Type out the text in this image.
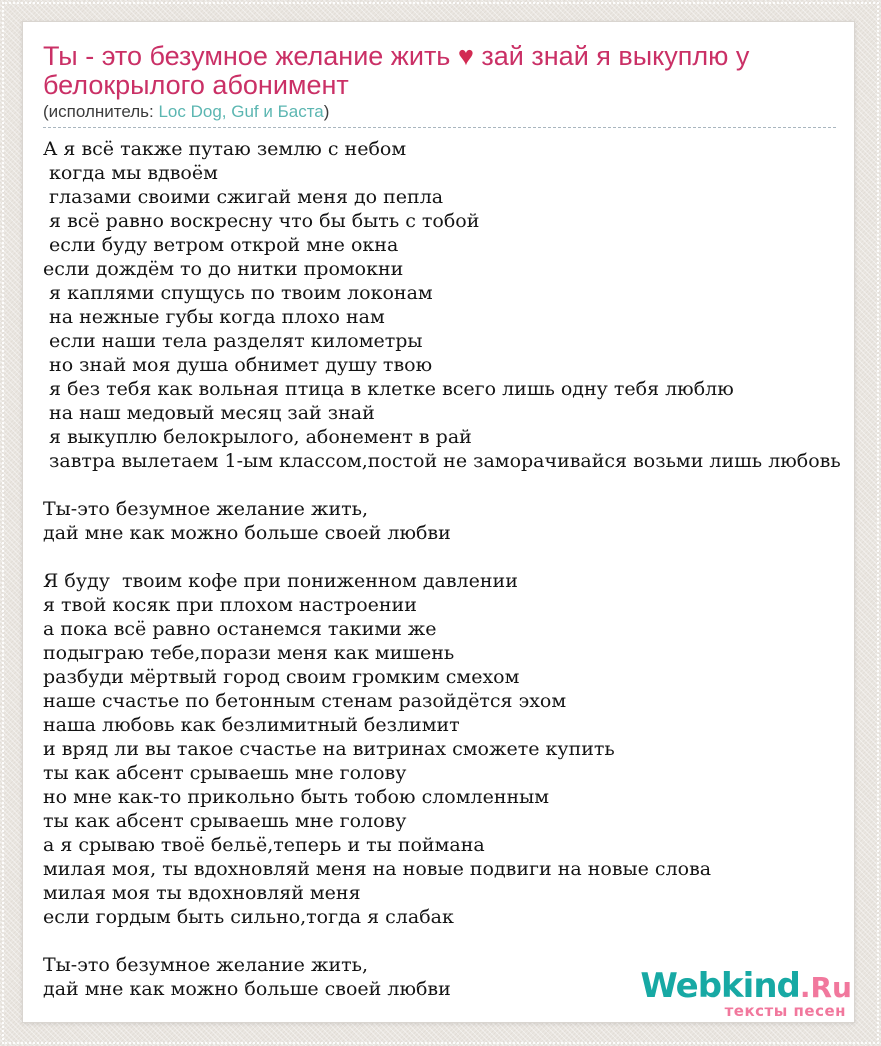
Ты - это безумное желание жить ♥ зай знай я выкуплю у белокрылого абонимент
(исполнитель: Loc Dog, Guf и Баста)
А я всё также путаю землю с небом
когда мы вдвоём
глазами своими сжигай меня до пепла
я всё равно воскресну что бы быть с тобой
если буду ветром открой мне окна
если дождём то до нитки промокни
я каплями спущусь по твоим локонам
на нежные губы когда плохо нам
если наши тела разделят километры
но знай моя душа обнимет душу твою
я без тебя как вольная птица в клетке всего лишь одну тебя люблю
на наш медовый месяц зай знай
я выкуплю белокрылого, абонемент в рай
завтра вылетаем 1-ым классом,постой не заморачивайся возьми лишь любовь
Ты-это безумное желание жить,
дай мне как можно больше своей любви
Я буду  твоим кофе при пониженном давлении
я твой косяк при плохом настроении
а пока всё равно останемся такими же
подыграю тебе,порази меня как мишень
разбуди мёртвый город своим громким смехом
наше счастье по бетонным стенам разойдётся эхом
наша любовь как безлимитный безлимит
и вряд ли вы такое счастье на витринах сможете купить
ты как абсент срываешь мне голову
но мне как-то прикольно быть тобою сломленным
ты как абсент срываешь мне голову
а я срываю твоё бельё,теперь и ты поймана
милая моя, ты вдохновляй меня на новые подвиги на новые слова
милая моя ты вдохновляй меня
если гордым быть сильно,тогда я слабак
Ты-это безумное желание жить,
дай мне как можно больше своей любви	Webkind.Ru
тексты песен
